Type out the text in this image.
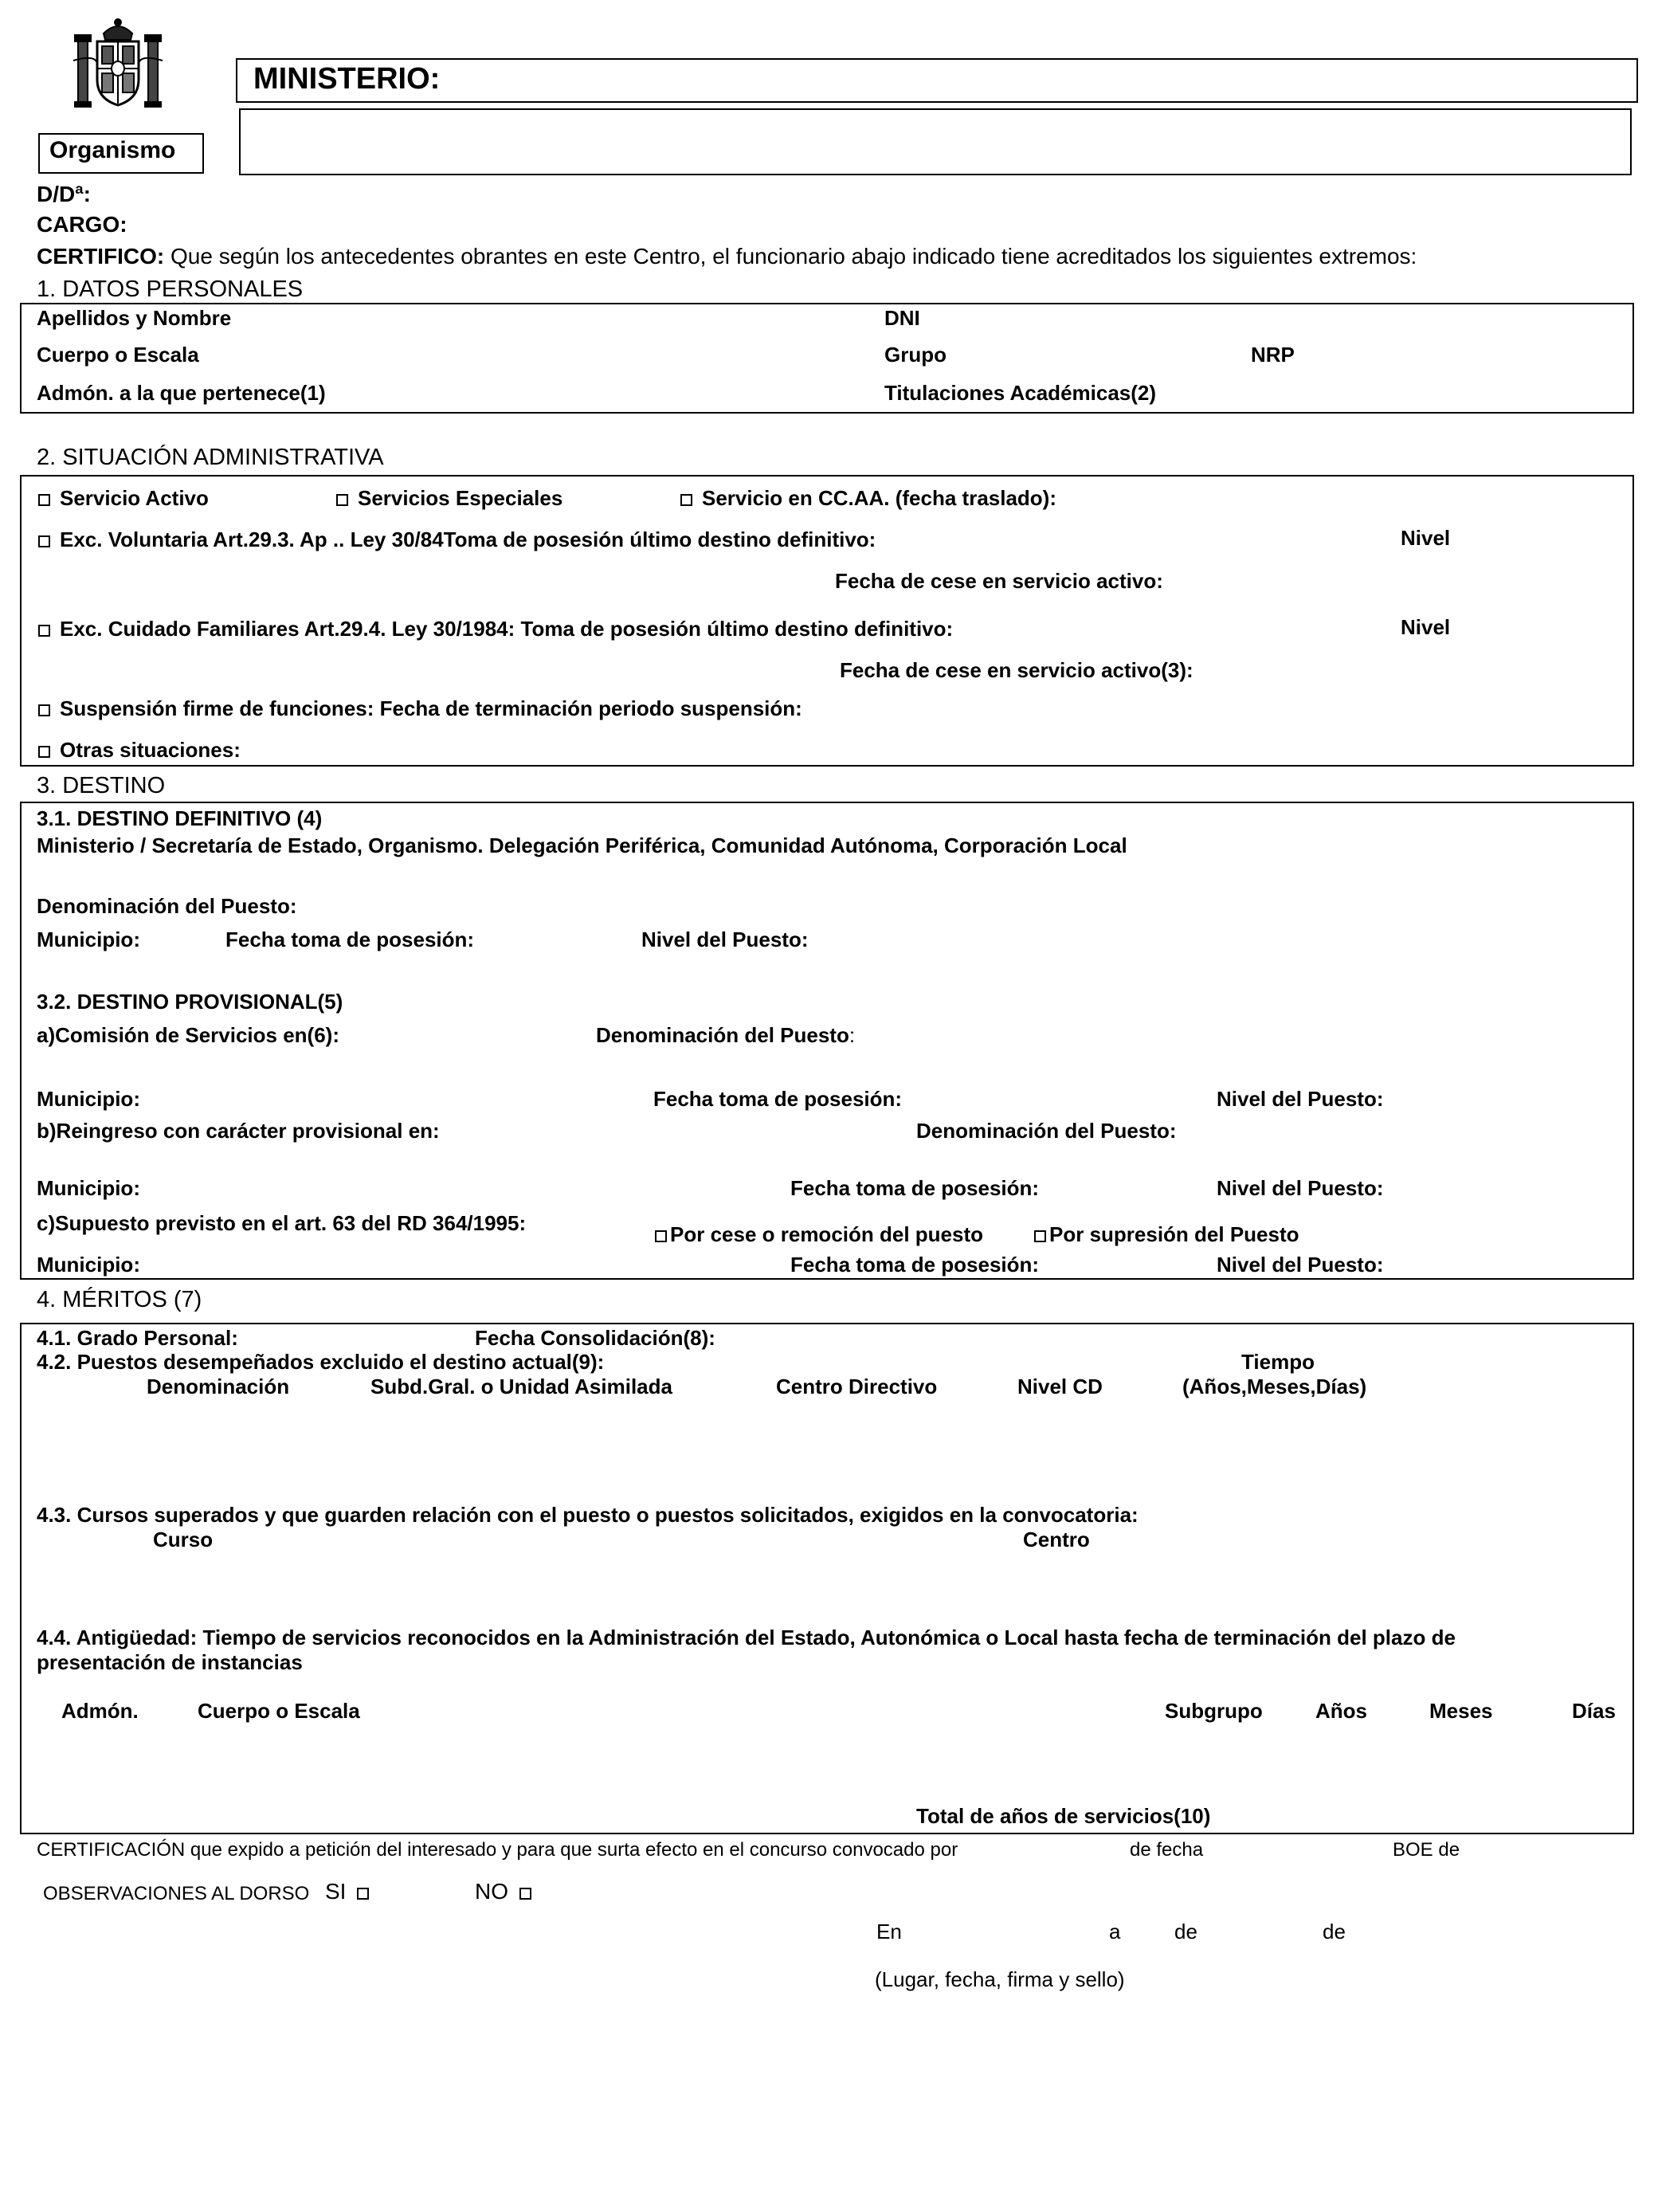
MINISTERIO:
Organismo
D/Dª:
CARGO:
CERTIFICO: Que según los antecedentes obrantes en este Centro, el funcionario abajo indicado tiene acreditados los siguientes extremos:
1. DATOS PERSONALES
Apellidos y Nombre	DNI
Cuerpo o Escala	Grupo	NRP
Admón. a la que pertenece(1)	Titulaciones Académicas(2)
2. SITUACIÓN ADMINISTRATIVA
Servicio Activo	Servicios Especiales	Servicio en CC.AA. (fecha traslado):
Exc. Voluntaria Art.29.3. Ap .. Ley 30/84Toma de posesión último destino definitivo:	Nivel
Fecha de cese en servicio activo:
Exc. Cuidado Familiares Art.29.4. Ley 30/1984: Toma de posesión último destino definitivo:	Nivel
Fecha de cese en servicio activo(3):
Suspensión firme de funciones: Fecha de terminación periodo suspensión:
Otras situaciones:
3. DESTINO
3.1. DESTINO DEFINITIVO (4)
Ministerio / Secretaría de Estado, Organismo. Delegación Periférica, Comunidad Autónoma, Corporación Local
Denominación del Puesto:
Municipio:	Fecha toma de posesión:	Nivel del Puesto:
3.2. DESTINO PROVISIONAL(5)
a)Comisión de Servicios en(6):	Denominación del Puesto:
Municipio:	Fecha toma de posesión:	Nivel del Puesto:
b)Reingreso con carácter provisional en:	Denominación del Puesto:
Municipio:	Fecha toma de posesión:	Nivel del Puesto:
c)Supuesto previsto en el art. 63 del RD 364/1995:	Por cese o remoción del puesto	Por supresión del Puesto
Municipio:	Fecha toma de posesión:	Nivel del Puesto:
4. MÉRITOS (7)
4.1. Grado Personal:	Fecha Consolidación(8):
4.2. Puestos desempeñados excluido el destino actual(9):	Tiempo
Denominación	Subd.Gral. o Unidad Asimilada	Centro Directivo	Nivel CD	(Años,Meses,Días)
4.3. Cursos superados y que guarden relación con el puesto o puestos solicitados, exigidos en la convocatoria:
Curso	Centro
4.4. Antigüedad: Tiempo de servicios reconocidos en la Administración del Estado, Autonómica o Local hasta fecha de terminación del plazo de
presentación de instancias
Admón.	Cuerpo o Escala	Subgrupo	Años	Meses	Días
Total de años de servicios(10)
CERTIFICACIÓN que expido a petición del interesado y para que surta efecto en el concurso convocado por	de fecha	BOE de
OBSERVACIONES AL DORSO SI	NO
En	a	de	de
(Lugar, fecha, firma y sello)
